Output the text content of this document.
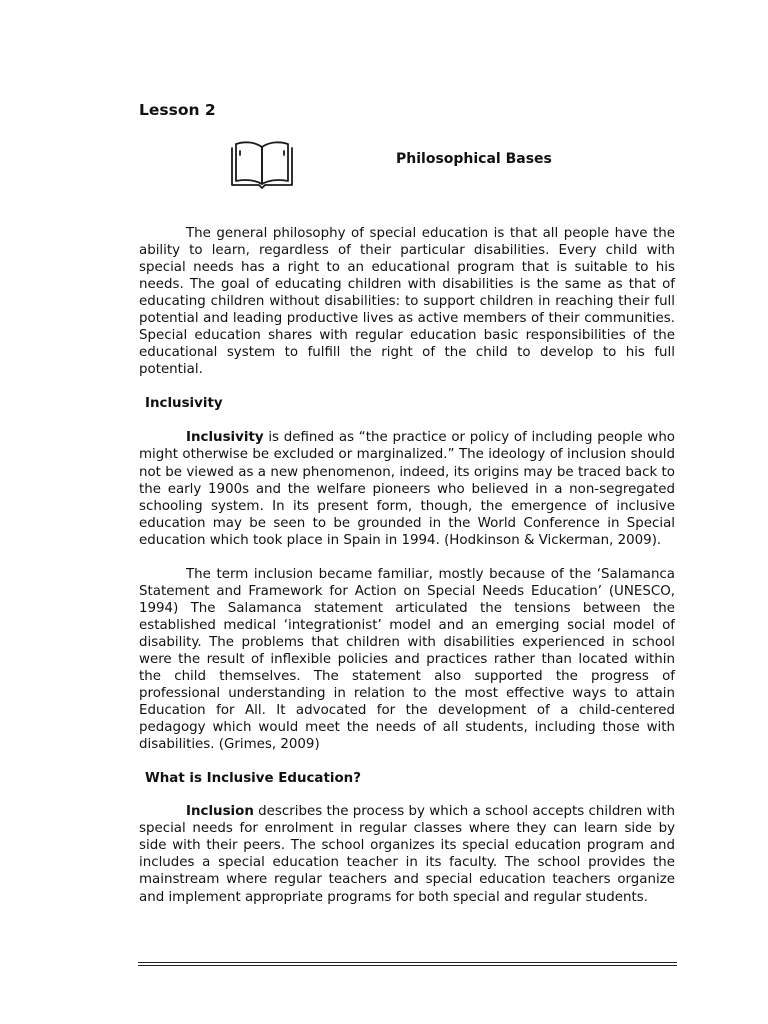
Lesson 2
Philosophical Bases

The general philosophy of special education is that all people have the ability to learn, regardless of their particular disabilities. Every child with special needs has a right to an educational program that is suitable to his needs. The goal of educating children with disabilities is the same as that of educating children without disabilities: to support children in reaching their full potential and leading productive lives as active members of their communities. Special education shares with regular education basic responsibilities of the educational system to fulfill the right of the child to develop to his full potential.

Inclusivity

Inclusivity is defined as “the practice or policy of including people who might otherwise be excluded or marginalized.” The ideology of inclusion should not be viewed as a new phenomenon, indeed, its origins may be traced back to the early 1900s and the welfare pioneers who believed in a non-segregated schooling system. In its present form, though, the emergence of inclusive education may be seen to be grounded in the World Conference in Special education which took place in Spain in 1994. (Hodkinson & Vickerman, 2009).

The term inclusion became familiar, mostly because of the ‘Salamanca Statement and Framework for Action on Special Needs Education’ (UNESCO, 1994) The Salamanca statement articulated the tensions between the established medical ‘integrationist’ model and an emerging social model of disability. The problems that children with disabilities experienced in school were the result of inflexible policies and practices rather than located within the child themselves. The statement also supported the progress of professional understanding in relation to the most effective ways to attain Education for All. It advocated for the development of a child-centered pedagogy which would meet the needs of all students, including those with disabilities. (Grimes, 2009)

What is Inclusive Education?

Inclusion describes the process by which a school accepts children with special needs for enrolment in regular classes where they can learn side by side with their peers. The school organizes its special education program and includes a special education teacher in its faculty. The school provides the mainstream where regular teachers and special education teachers organize and implement appropriate programs for both special and regular students.
